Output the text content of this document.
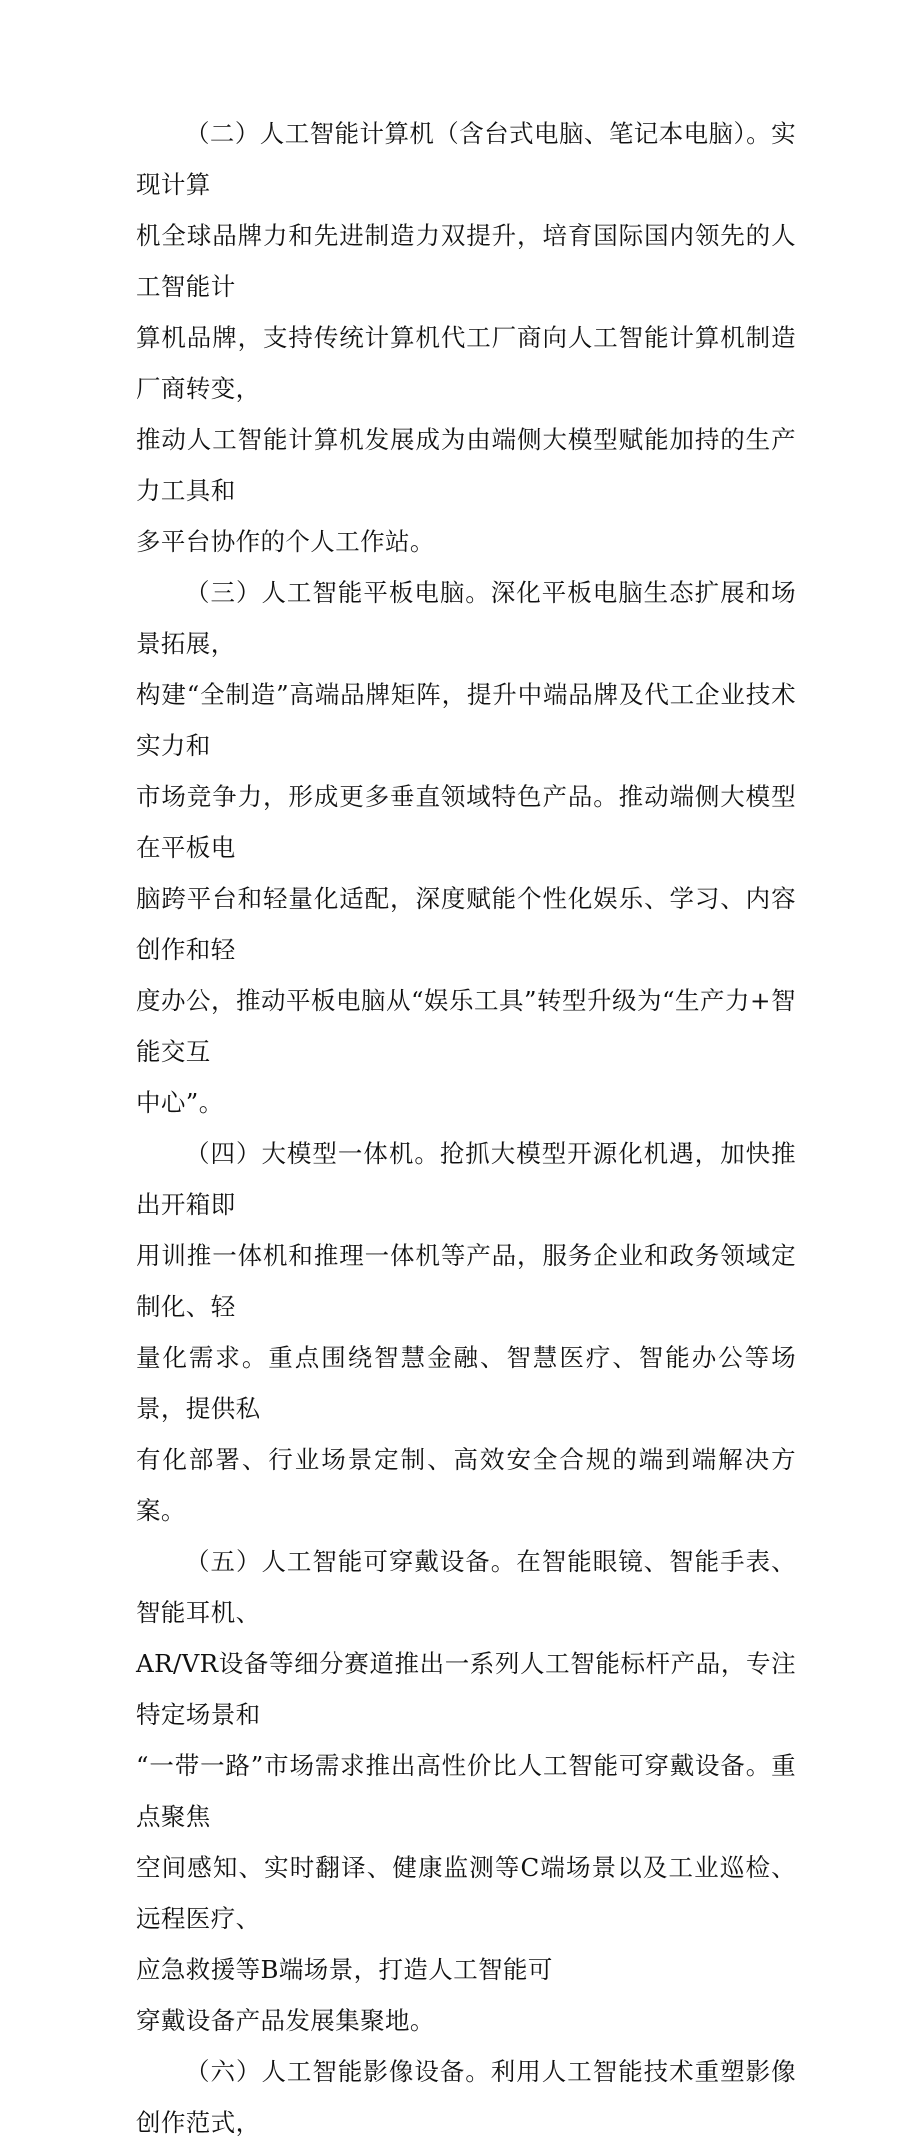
（二）人工智能计算机（含台式电脑、笔记本电脑）。实现计算
机全球品牌力和先进制造力双提升，培育国际国内领先的人工智能计
算机品牌，支持传统计算机代工厂商向人工智能计算机制造厂商转变，
推动人工智能计算机发展成为由端侧大模型赋能加持的生产力工具和
多平台协作的个人工作站。

（三）人工智能平板电脑。深化平板电脑生态扩展和场景拓展，
构建“全制造”高端品牌矩阵，提升中端品牌及代工企业技术实力和
市场竞争力，形成更多垂直领域特色产品。推动端侧大模型在平板电
脑跨平台和轻量化适配，深度赋能个性化娱乐、学习、内容创作和轻
度办公，推动平板电脑从“娱乐工具”转型升级为“生产力+智能交互
中心”。

（四）大模型一体机。抢抓大模型开源化机遇，加快推出开箱即
用训推一体机和推理一体机等产品，服务企业和政务领域定制化、轻
量化需求。重点围绕智慧金融、智慧医疗、智能办公等场景，提供私
有化部署、行业场景定制、高效安全合规的端到端解决方案。

（五）人工智能可穿戴设备。在智能眼镜、智能手表、智能耳机、
AR/VR设备等细分赛道推出一系列人工智能标杆产品，专注特定场景和
“一带一路”市场需求推出高性价比人工智能可穿戴设备。重点聚焦
空间感知、实时翻译、健康监测等C端场景以及工业巡检、远程医疗、
应急救援等B端场景，打造人工智能可
穿戴设备产品发展集聚地。

（六）人工智能影像设备。利用人工智能技术重塑影像创作范式，
